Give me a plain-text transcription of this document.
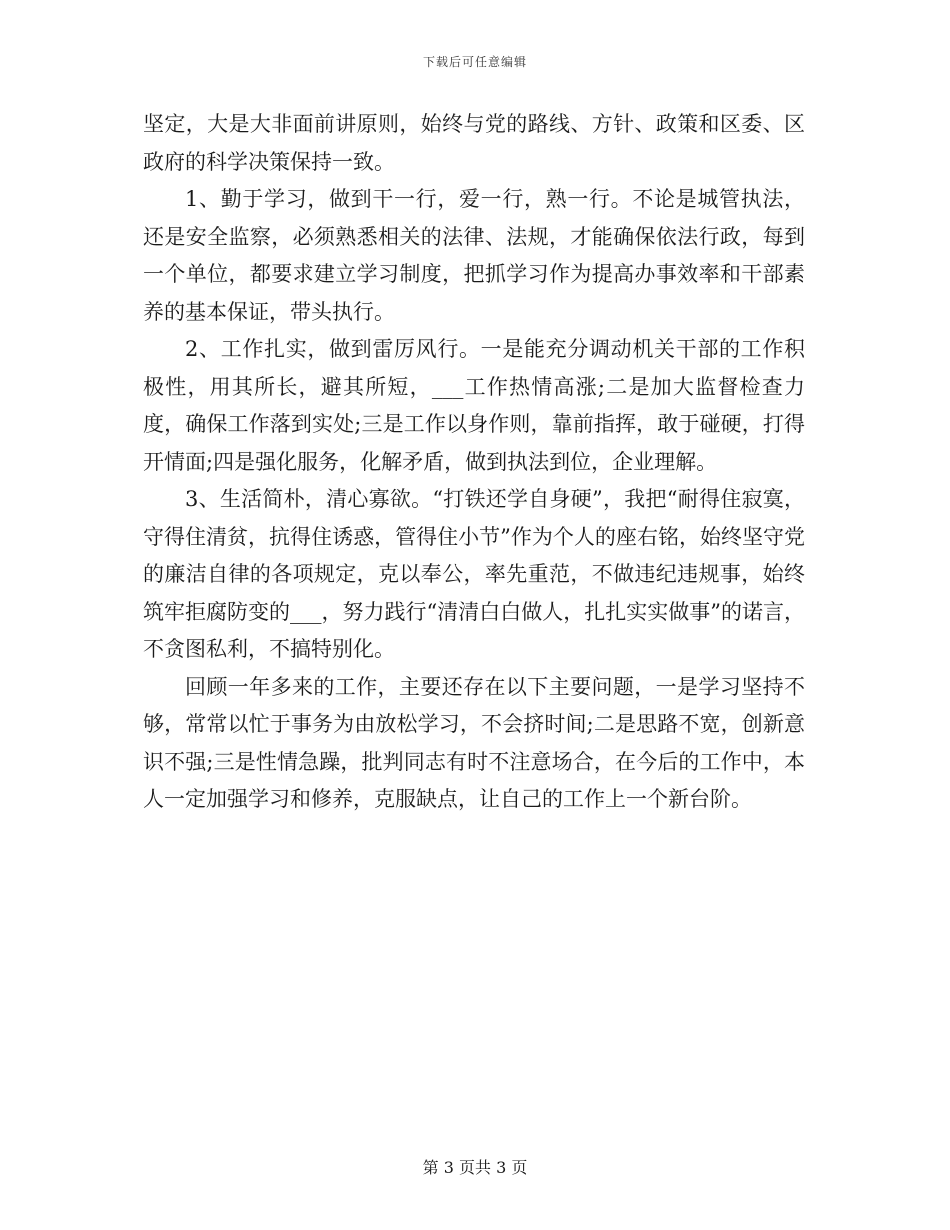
下载后可任意编辑

坚定，大是大非面前讲原则，始终与党的路线、方针、政策和区委、区政府的科学决策保持一致。

1、勤于学习，做到干一行，爱一行，熟一行。不论是城管执法，还是安全监察，必须熟悉相关的法律、法规，才能确保依法行政，每到一个单位，都要求建立学习制度，把抓学习作为提高办事效率和干部素养的基本保证，带头执行。

2、工作扎实，做到雷厉风行。一是能充分调动机关干部的工作积极性，用其所长，避其所短，___工作热情高涨;二是加大监督检查力度，确保工作落到实处;三是工作以身作则，靠前指挥，敢于碰硬，打得开情面;四是强化服务，化解矛盾，做到执法到位，企业理解。

3、生活简朴，清心寡欲。“打铁还学自身硬”，我把“耐得住寂寞，守得住清贫，抗得住诱惑，管得住小节”作为个人的座右铭，始终坚守党的廉洁自律的各项规定，克以奉公，率先重范，不做违纪违规事，始终筑牢拒腐防变的___，努力践行“清清白白做人，扎扎实实做事”的诺言，不贪图私利，不搞特别化。

回顾一年多来的工作，主要还存在以下主要问题，一是学习坚持不够，常常以忙于事务为由放松学习，不会挤时间;二是思路不宽，创新意识不强;三是性情急躁，批判同志有时不注意场合，在今后的工作中，本人一定加强学习和修养，克服缺点，让自己的工作上一个新台阶。

第 3 页共 3 页
